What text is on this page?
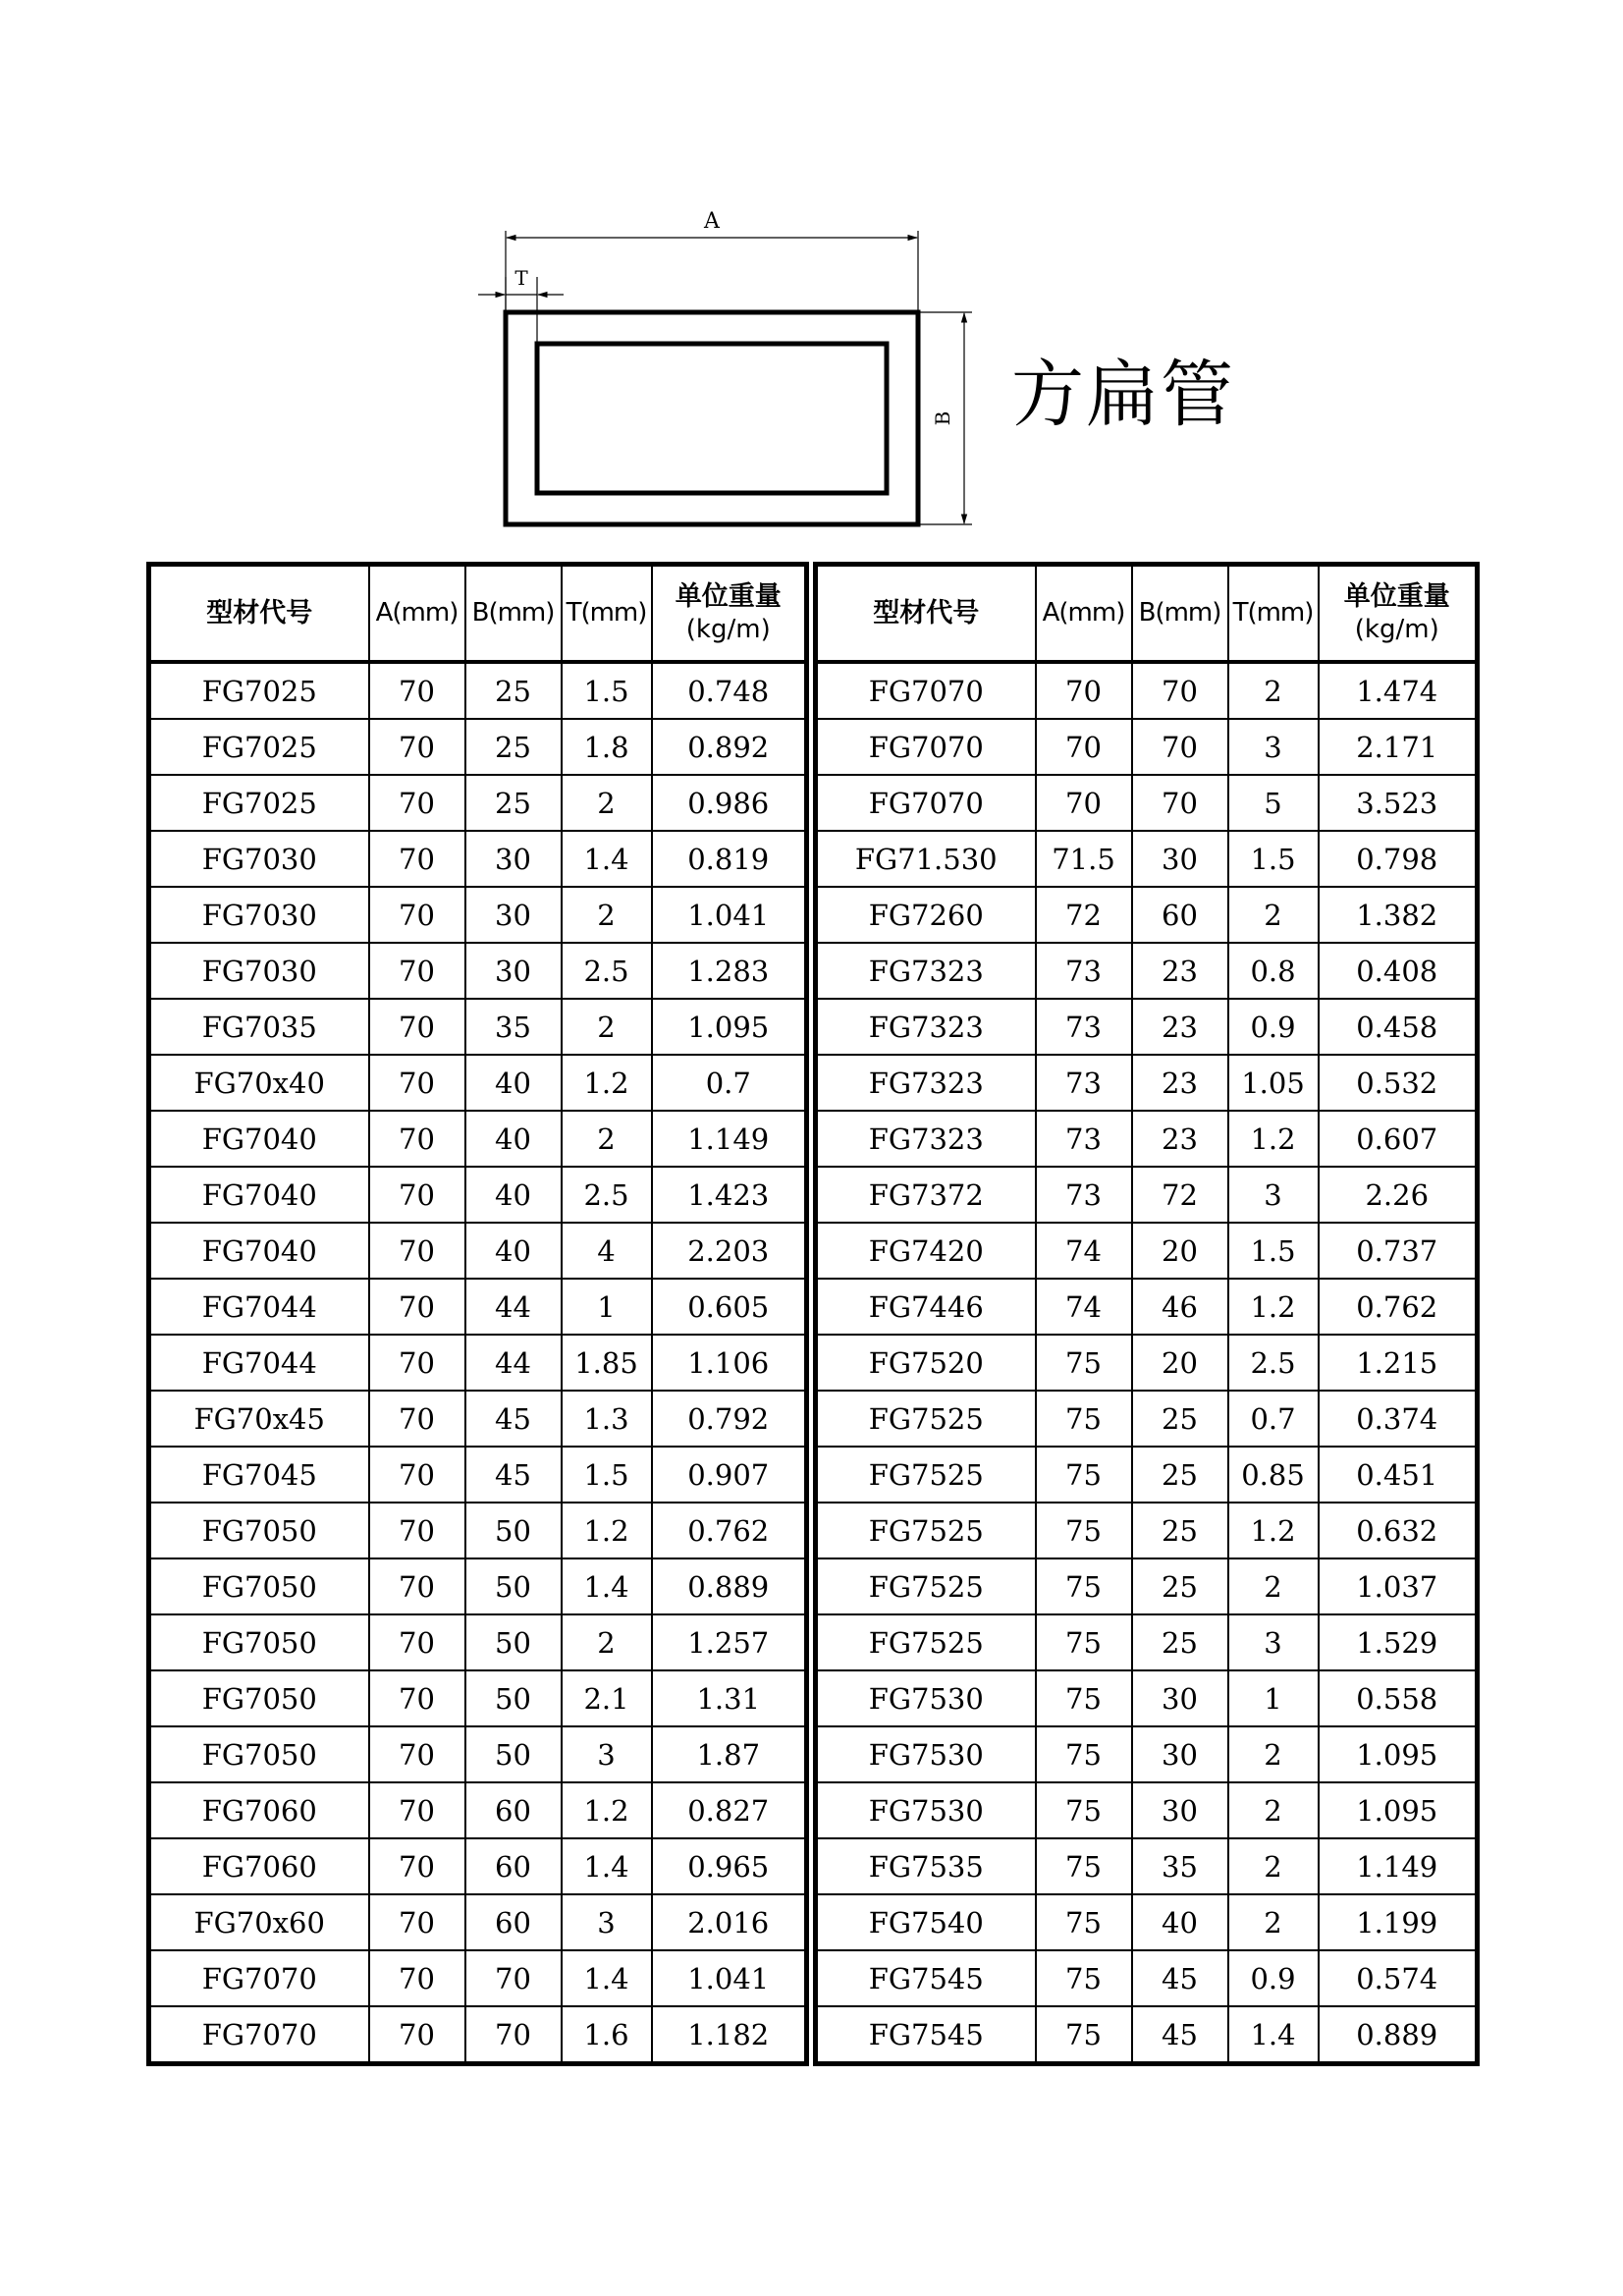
A
T
B 方扁管
型材代号	A(mm)	B(mm)	T(mm)	单位重量
(kg/m)

FG7025	70	25	1.5	0.748
FG7025	70	25	1.8	0.892
FG7025	70	25	2	0.986
FG7030	70	30	1.4	0.819
FG7030	70	30	2	1.041
FG7030	70	30	2.5	1.283
FG7035	70	35	2	1.095
FG70x40	70	40	1.2	0.7
FG7040	70	40	2	1.149
FG7040	70	40	2.5	1.423
FG7040	70	40	4	2.203
FG7044	70	44	1	0.605
FG7044	70	44	1.85	1.106
FG70x45	70	45	1.3	0.792
FG7045	70	45	1.5	0.907
FG7050	70	50	1.2	0.762
FG7050	70	50	1.4	0.889
FG7050	70	50	2	1.257
FG7050	70	50	2.1	1.31
FG7050	70	50	3	1.87
FG7060	70	60	1.2	0.827
FG7060	70	60	1.4	0.965
FG70x60	70	60	3	2.016
FG7070	70	70	1.4	1.041
FG7070	70	70	1.6	1.182
型材代号	A(mm)	B(mm)	T(mm)	单位重量
(kg/m)

FG7070	70	70	2	1.474
FG7070	70	70	3	2.171
FG7070	70	70	5	3.523
FG71.530	71.5	30	1.5	0.798
FG7260	72	60	2	1.382
FG7323	73	23	0.8	0.408
FG7323	73	23	0.9	0.458
FG7323	73	23	1.05	0.532
FG7323	73	23	1.2	0.607
FG7372	73	72	3	2.26
FG7420	74	20	1.5	0.737
FG7446	74	46	1.2	0.762
FG7520	75	20	2.5	1.215
FG7525	75	25	0.7	0.374
FG7525	75	25	0.85	0.451
FG7525	75	25	1.2	0.632
FG7525	75	25	2	1.037
FG7525	75	25	3	1.529
FG7530	75	30	1	0.558
FG7530	75	30	2	1.095
FG7530	75	30	2	1.095
FG7535	75	35	2	1.149
FG7540	75	40	2	1.199
FG7545	75	45	0.9	0.574
FG7545	75	45	1.4	0.889
